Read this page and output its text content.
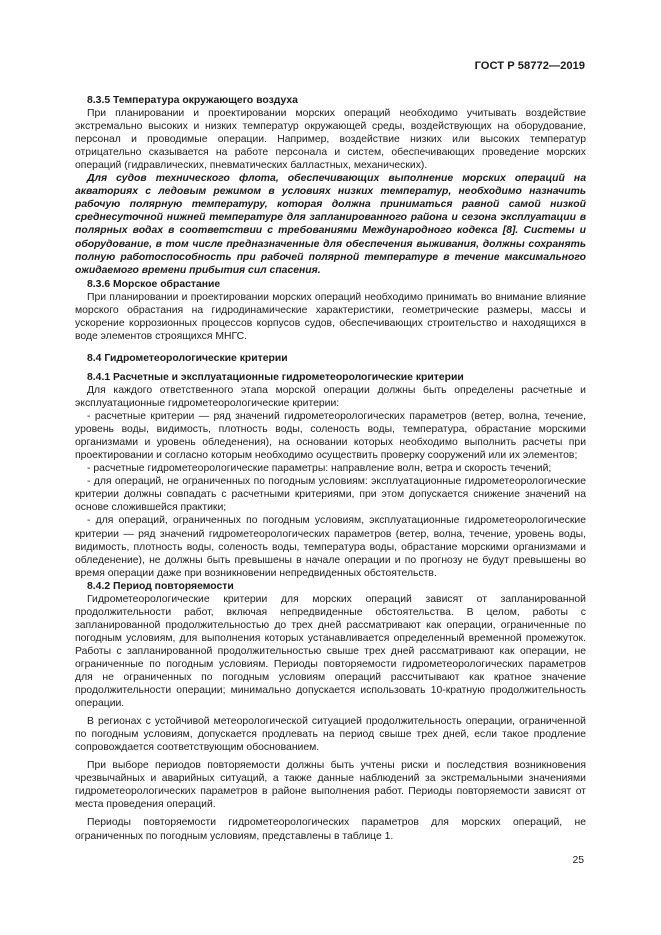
ГОСТ Р 58772—2019
8.3.5 Температура окружающего воздуха

При планировании и проектировании морских операций необходимо учитывать воздействие экстремально высоких и низких температур окружающей среды, воздействующих на оборудование, персонал и проводимые операции. Например, воздействие низких или высоких температур отрицательно сказывается на работе персонала и систем, обеспечивающих проведение морских операций (гидравлических, пневматических балластных, механических).

Для судов технического флота, обеспечивающих выполнение морских операций на акваториях с ледовым режимом в условиях низких температур, необходимо назначить рабочую полярную температуру, которая должна приниматься равной самой низкой среднесуточной нижней температуре для запланированного района и сезона эксплуатации в полярных водах в соответствии с требованиями Международного кодекса [8]. Системы и оборудование, в том числе предназначенные для обеспечения выживания, должны сохранять полную работоспособность при рабочей полярной температуре в течение максимального ожидаемого времени прибытия сил спасения.

8.3.6 Морское обрастание

При планировании и проектировании морских операций необходимо принимать во внимание влияние морского обрастания на гидродинамические характеристики, геометрические размеры, массы и ускорение коррозионных процессов корпусов судов, обеспечивающих строительство и находящихся в воде элементов строящихся МНГС.

8.4 Гидрометеорологические критерии
8.4.1 Расчетные и эксплуатационные гидрометеорологические критерии

Для каждого ответственного этапа морской операции должны быть определены расчетные и эксплуатационные гидрометеорологические критерии:

- расчетные критерии — ряд значений гидрометеорологических параметров (ветер, волна, течение, уровень воды, видимость, плотность воды, соленость воды, температура, обрастание морскими организмами и уровень обледенения), на основании которых необходимо выполнить расчеты при проектировании и согласно которым необходимо осуществить проверку сооружений или их элементов;

- расчетные гидрометеорологические параметры: направление волн, ветра и скорость течений;

- для операций, не ограниченных по погодным условиям: эксплуатационные гидрометеорологические критерии должны совпадать с расчетными критериями, при этом допускается снижение значений на основе сложившейся практики;

- для операций, ограниченных по погодным условиям, эксплуатационные гидрометеорологические критерии — ряд значений гидрометеорологических параметров (ветер, волна, течение, уровень воды, видимость, плотность воды, соленость воды, температура воды, обрастание морскими организмами и обледенение), не должны быть превышены в начале операции и по прогнозу не будут превышены во время операции даже при возникновении непредвиденных обстоятельств.

8.4.2 Период повторяемости

Гидрометеорологические критерии для морских операций зависят от запланированной продолжительности работ, включая непредвиденные обстоятельства. В целом, работы с запланированной продолжительностью до трех дней рассматривают как операции, ограниченные по погодным условиям, для выполнения которых устанавливается определенный временной промежуток. Работы с запланированной продолжительностью свыше трех дней рассматривают как операции, не ограниченные по погодным условиям. Периоды повторяемости гидрометеорологических параметров для не ограниченных по погодным условиям операций рассчитывают как кратное значение продолжительности операции; минимально допускается использовать 10-кратную продолжительность операции.

В регионах с устойчивой метеорологической ситуацией продолжительность операции, ограниченной по погодным условиям, допускается продлевать на период свыше трех дней, если такое продление сопровождается соответствующим обоснованием.

При выборе периодов повторяемости должны быть учтены риски и последствия возникновения чрезвычайных и аварийных ситуаций, а также данные наблюдений за экстремальными значениями гидрометеорологических параметров в районе выполнения работ. Периоды повторяемости зависят от места проведения операций.

Периоды повторяемости гидрометеорологических параметров для морских операций, не ограниченных по погодным условиям, представлены в таблице 1.

25
